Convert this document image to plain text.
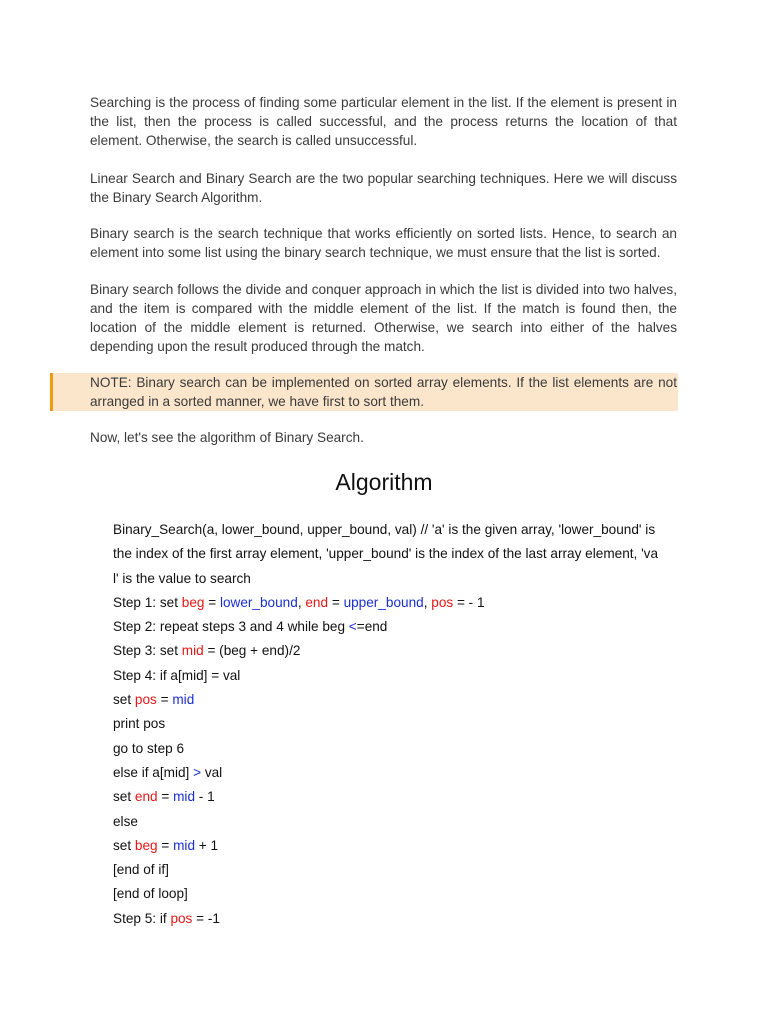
Searching is the process of finding some particular element in the list. If the element is present in the list, then the process is called successful, and the process returns the location of that element. Otherwise, the search is called unsuccessful.
Linear Search and Binary Search are the two popular searching techniques. Here we will discuss the Binary Search Algorithm.
Binary search is the search technique that works efficiently on sorted lists. Hence, to search an element into some list using the binary search technique, we must ensure that the list is sorted.
Binary search follows the divide and conquer approach in which the list is divided into two halves, and the item is compared with the middle element of the list. If the match is found then, the location of the middle element is returned. Otherwise, we search into either of the halves depending upon the result produced through the match.
NOTE: Binary search can be implemented on sorted array elements. If the list elements are not arranged in a sorted manner, we have first to sort them.
Now, let's see the algorithm of Binary Search.
Algorithm
Binary_Search(a, lower_bound, upper_bound, val) // 'a' is the given array, 'lower_bound' is
the index of the first array element, 'upper_bound' is the index of the last array element, 'va
l' is the value to search
Step 1: set beg = lower_bound, end = upper_bound, pos = - 1
Step 2: repeat steps 3 and 4 while beg <=end
Step 3: set mid = (beg + end)/2
Step 4: if a[mid] = val
set pos = mid
print pos
go to step 6
else if a[mid] > val
set end = mid - 1
else
set beg = mid + 1
[end of if]
[end of loop]
Step 5: if pos = -1
